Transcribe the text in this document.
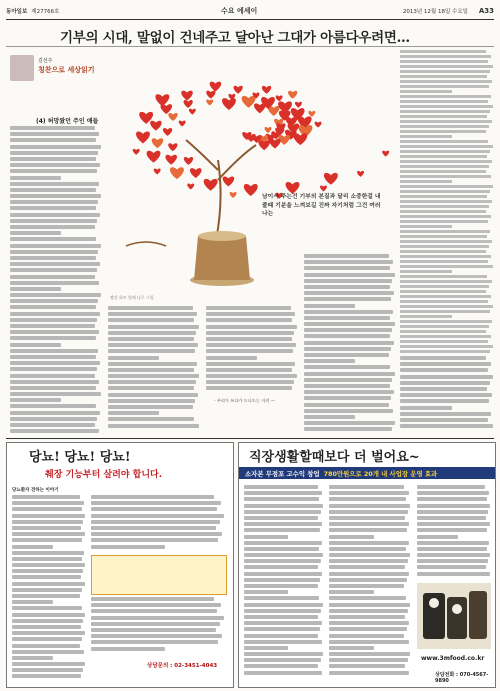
동아일보 제27766호	수요 에세이	2013년 12월 18일 수요일 A33
기부의 시대, 말없이 건네주고 달아난 그대가 아름다우려면…
김선주
칭찬으로 세상읽기
(4) 허망왔던 주인 애들
남이서 주는건 기부의 본질과 달리 소중한걸 내줄때 기분을 느껴보길 진짜 자기처럼 그건 여러 나는
빨간 하트 열매 나무 그림
- 우리가 쓰다가 드나드는 자의 —
당뇨! 당뇨! 당뇨!
췌장 기능부터 살려야 합니다.
당뇨환자 전하는 이야기
상담문의 : 02-3451-4043
직장생활할때보다 더 벌어요~
소자본 무점포 고수익 창업 780만원으로 20개 내 사업장 운영 효과
www.3mfood.co.kr
상담전화 : 070-4567-9890
